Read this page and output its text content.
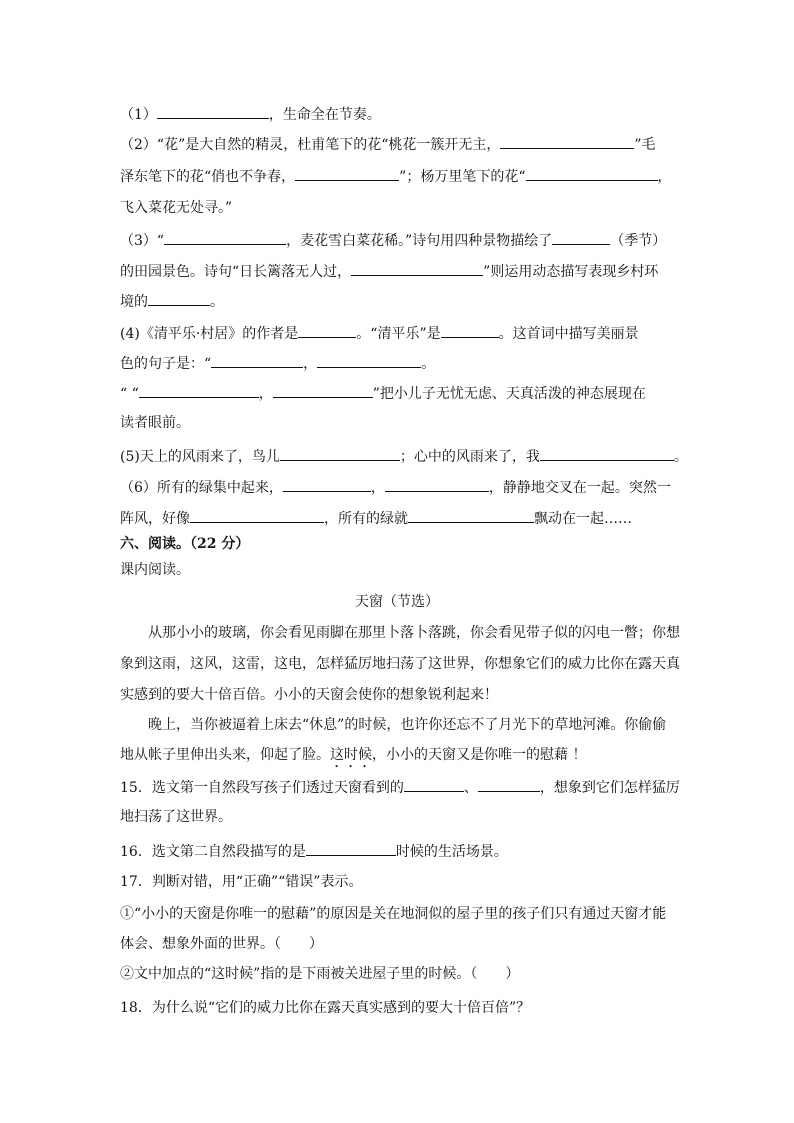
（1）	，生命全在节奏。
（2）“花”是大自然的精灵，杜甫笔下的花“桃花一簇开无主，	”毛
泽东笔下的花“俏也不争春，	”；杨万里笔下的花“	，
飞入菜花无处寻。”
（3）“	，麦花雪白菜花稀。”诗句用四种景物描绘了	（季节）
的田园景色。诗句“日长篱落无人过，	”则运用动态描写表现乡村环
境的	。
(4)《清平乐·村居》的作者是	。“清平乐”是	。这首词中描写美丽景
色的句子是：“	，	。
“ “	，	”把小儿子无忧无虑、天真活泼的神态展现在
读者眼前。
(5)天上的风雨来了，鸟儿	；心中的风雨来了，我	。
（6）所有的绿集中起来，	，	，静静地交叉在一起。突然一
阵风，好像	，所有的绿就	飘动在一起……
六、阅读。（22 分）
课内阅读。
天窗（节选）
从那小小的玻璃，你会看见雨脚在那里卜落卜落跳，你会看见带子似的闪电一瞥；你想
象到这雨，这风，这雷，这电，怎样猛厉地扫荡了这世界，你想象它们的威力比你在露天真
实感到的要大十倍百倍。小小的天窗会使你的想象锐利起来！
晚上，当你被逼着上床去“休息”的时候，也许你还忘不了月光下的草地河滩。你偷偷
地从帐子里伸出头来，仰起了脸。这时候，小小的天窗又是你唯一的慰藉 ！
15．选文第一自然段写孩子们透过天窗看到的	、	，想象到它们怎样猛厉
地扫荡了这世界。
16．选文第二自然段描写的是	时候的生活场景。
17．判断对错，用“正确”“错误”表示。
①“小小的天窗是你唯一的慰藉”的原因是关在地洞似的屋子里的孩子们只有通过天窗才能
体会、想象外面的世界。（　　）
②文中加点的“这时候”指的是下雨被关进屋子里的时候。（　　）
18．为什么说“它们的威力比你在露天真实感到的要大十倍百倍”？
